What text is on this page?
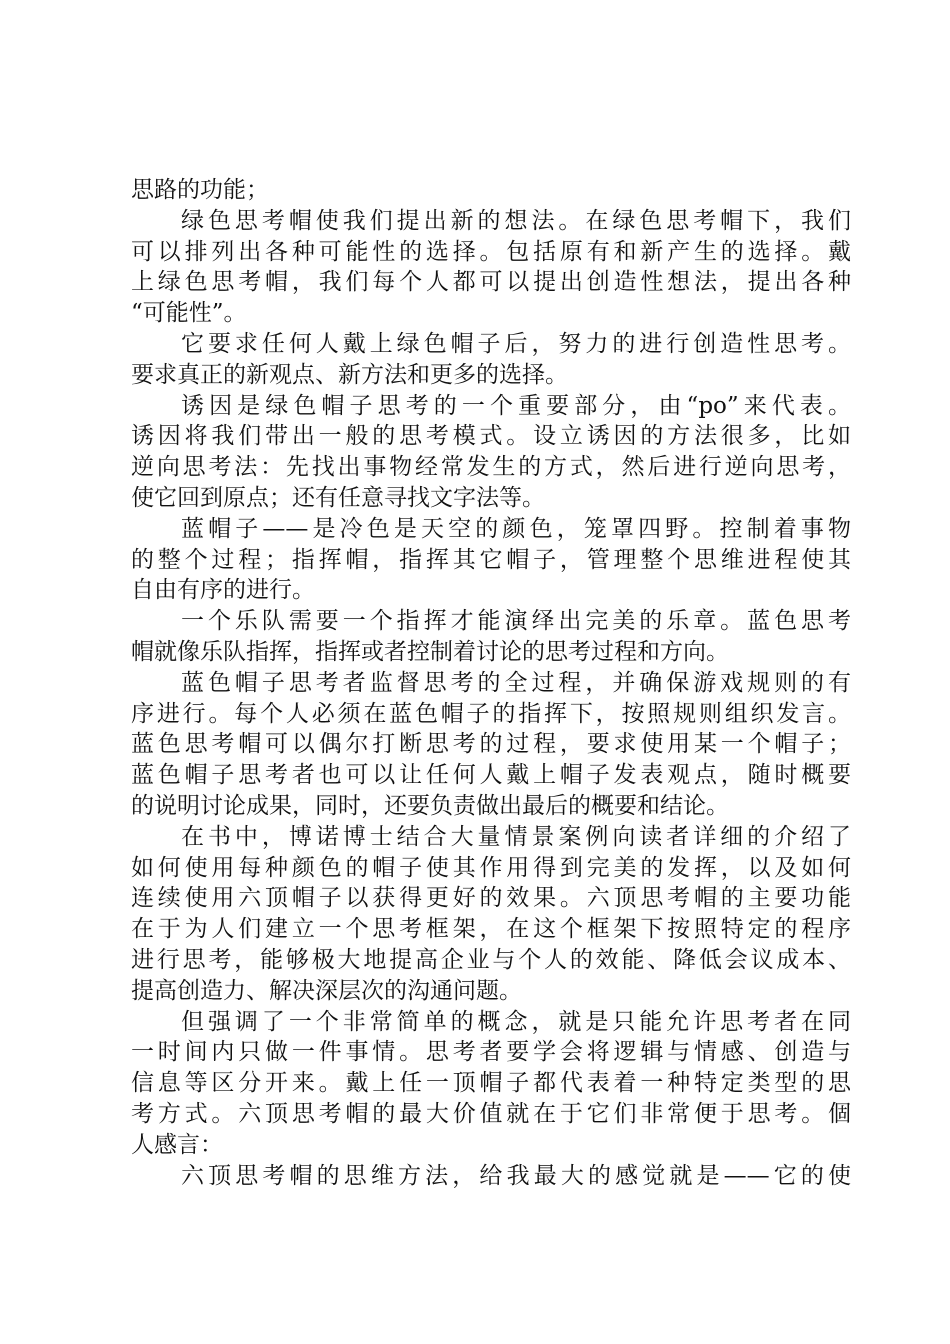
思路的功能；
绿色思考帽使我们提出新的想法。在绿色思考帽下，我们
可以排列出各种可能性的选择。包括原有和新产生的选择。戴
上绿色思考帽，我们每个人都可以提出创造性想法，提出各种
“可能性”。
它要求任何人戴上绿色帽子后，努力的进行创造性思考。
要求真正的新观点、新方法和更多的选择。
诱因是绿色帽子思考的一个重要部分，由“po”来代表。
诱因将我们带出一般的思考模式。设立诱因的方法很多，比如
逆向思考法：先找出事物经常发生的方式，然后进行逆向思考，
使它回到原点；还有任意寻找文字法等。
蓝帽子——是冷色是天空的颜色，笼罩四野。控制着事物
的整个过程；指挥帽，指挥其它帽子，管理整个思维进程使其
自由有序的进行。
一个乐队需要一个指挥才能演绎出完美的乐章。蓝色思考
帽就像乐队指挥，指挥或者控制着讨论的思考过程和方向。
蓝色帽子思考者监督思考的全过程，并确保游戏规则的有
序进行。每个人必须在蓝色帽子的指挥下，按照规则组织发言。
蓝色思考帽可以偶尔打断思考的过程，要求使用某一个帽子；
蓝色帽子思考者也可以让任何人戴上帽子发表观点，随时概要
的说明讨论成果，同时，还要负责做出最后的概要和结论。
在书中，博诺博士结合大量情景案例向读者详细的介绍了
如何使用每种颜色的帽子使其作用得到完美的发挥，以及如何
连续使用六顶帽子以获得更好的效果。六顶思考帽的主要功能
在于为人们建立一个思考框架，在这个框架下按照特定的程序
进行思考，能够极大地提高企业与个人的效能、降低会议成本、
提高创造力、解决深层次的沟通问题。
但强调了一个非常简单的概念，就是只能允许思考者在同
一时间内只做一件事情。思考者要学会将逻辑与情感、创造与
信息等区分开来。戴上任一顶帽子都代表着一种特定类型的思
考方式。六顶思考帽的最大价值就在于它们非常便于思考。個
人感言：
六顶思考帽的思维方法，给我最大的感觉就是——它的使
